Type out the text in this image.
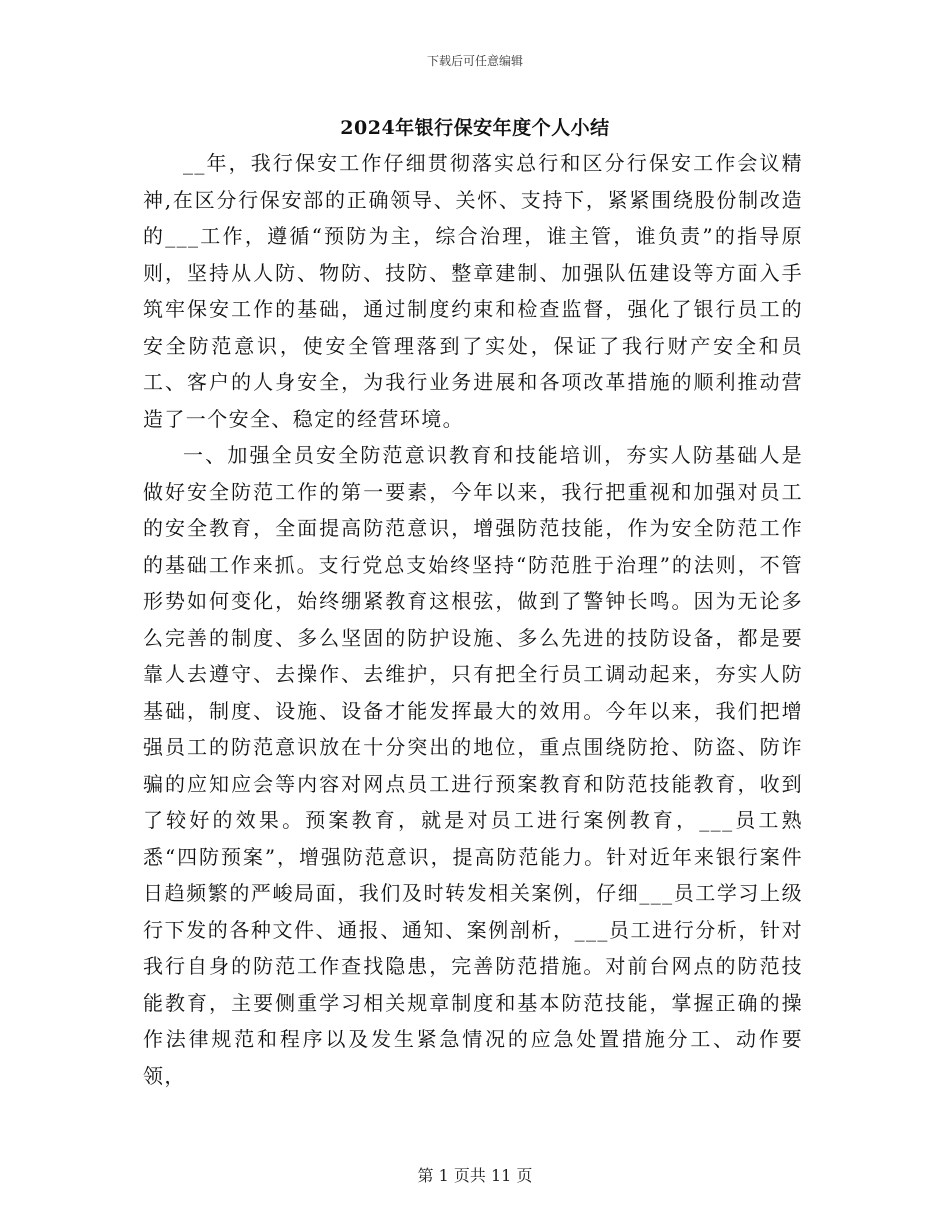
下载后可任意编辑
2024年银行保安年度个人小结

__年，我行保安工作仔细贯彻落实总行和区分行保安工作会议精神,在区分行保安部的正确领导、关怀、支持下，紧紧围绕股份制改造的___工作，遵循“预防为主，综合治理，谁主管，谁负责”的指导原则，坚持从人防、物防、技防、整章建制、加强队伍建设等方面入手筑牢保安工作的基础，通过制度约束和检查监督，强化了银行员工的安全防范意识，使安全管理落到了实处，保证了我行财产安全和员工、客户的人身安全，为我行业务进展和各项改革措施的顺利推动营造了一个安全、稳定的经营环境。

一、加强全员安全防范意识教育和技能培训，夯实人防基础人是做好安全防范工作的第一要素，今年以来，我行把重视和加强对员工的安全教育，全面提高防范意识，增强防范技能，作为安全防范工作的基础工作来抓。支行党总支始终坚持“防范胜于治理”的法则，不管形势如何变化，始终绷紧教育这根弦，做到了警钟长鸣。因为无论多么完善的制度、多么坚固的防护设施、多么先进的技防设备，都是要靠人去遵守、去操作、去维护，只有把全行员工调动起来，夯实人防基础，制度、设施、设备才能发挥最大的效用。今年以来，我们把增强员工的防范意识放在十分突出的地位，重点围绕防抢、防盗、防诈骗的应知应会等内容对网点员工进行预案教育和防范技能教育，收到了较好的效果。预案教育，就是对员工进行案例教育，___员工熟悉“四防预案”，增强防范意识，提高防范能力。针对近年来银行案件日趋频繁的严峻局面，我们及时转发相关案例，仔细___员工学习上级行下发的各种文件、通报、通知、案例剖析，___员工进行分析，针对我行自身的防范工作查找隐患，完善防范措施。对前台网点的防范技能教育，主要侧重学习相关规章制度和基本防范技能，掌握正确的操作法律规范和程序以及发生紧急情况的应急处置措施分工、动作要领，

第 1 页共 11 页
